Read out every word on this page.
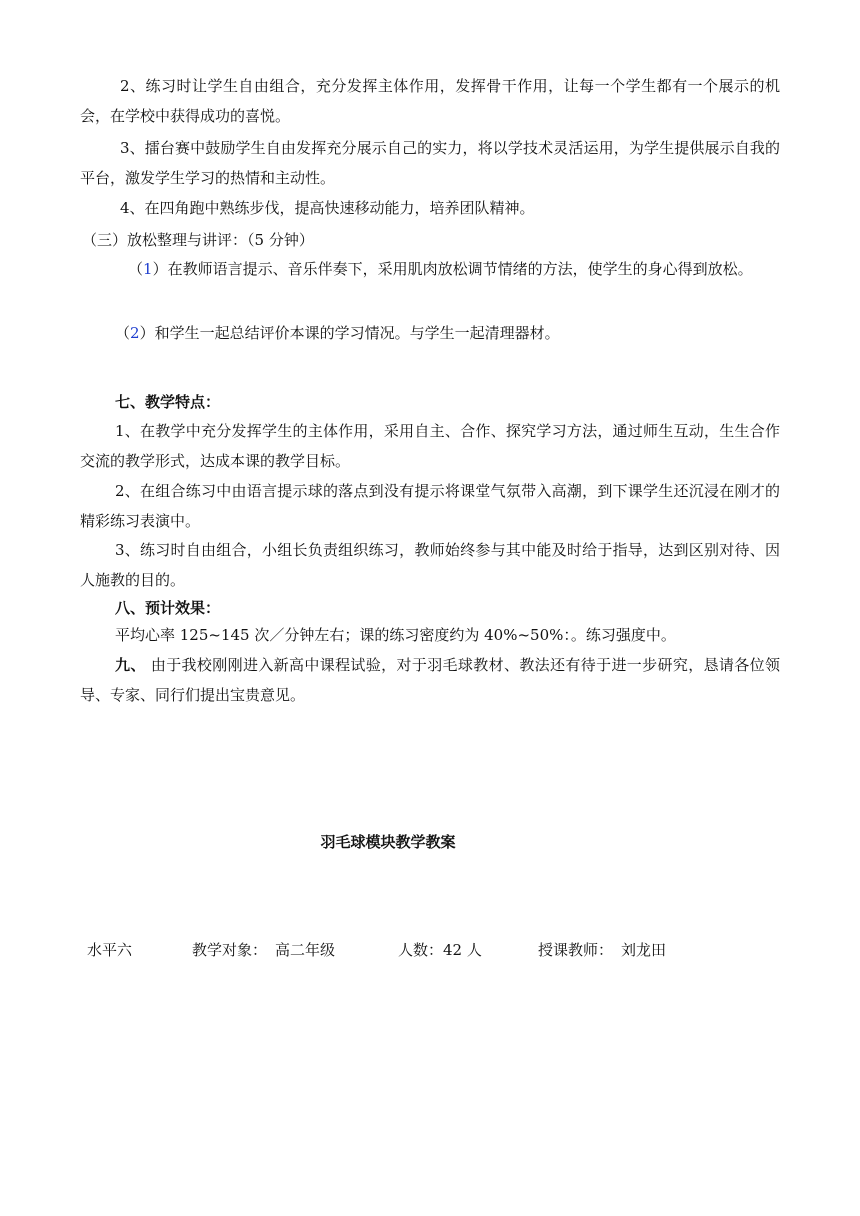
2、练习时让学生自由组合，充分发挥主体作用，发挥骨干作用，让每一个学生都有一个展示的机会，在学校中获得成功的喜悦。

3、擂台赛中鼓励学生自由发挥充分展示自己的实力，将以学技术灵活运用，为学生提供展示自我的平台，激发学生学习的热情和主动性。

4、在四角跑中熟练步伐，提高快速移动能力，培养团队精神。

（三）放松整理与讲评：（5 分钟）

（1）在教师语言提示、音乐伴奏下，采用肌肉放松调节情绪的方法，使学生的身心得到放松。

（2）和学生一起总结评价本课的学习情况。与学生一起清理器材。

七、教学特点：

1、在教学中充分发挥学生的主体作用，采用自主、合作、探究学习方法，通过师生互动，生生合作交流的教学形式，达成本课的教学目标。

2、在组合练习中由语言提示球的落点到没有提示将课堂气氛带入高潮，到下课学生还沉浸在刚才的精彩练习表演中。

3、练习时自由组合，小组长负责组织练习，教师始终参与其中能及时给于指导，达到区别对待、因人施教的目的。

八、预计效果：

平均心率 125~145 次／分钟左右；课的练习密度约为 40%~50%：。练习强度中。

九、 由于我校刚刚进入新高中课程试验，对于羽毛球教材、教法还有待于进一步研究，恳请各位领导、专家、同行们提出宝贵意见。

羽毛球模块教学教案
水平六	教学对象： 高二年级	人数：42 人	授课教师： 刘龙田
